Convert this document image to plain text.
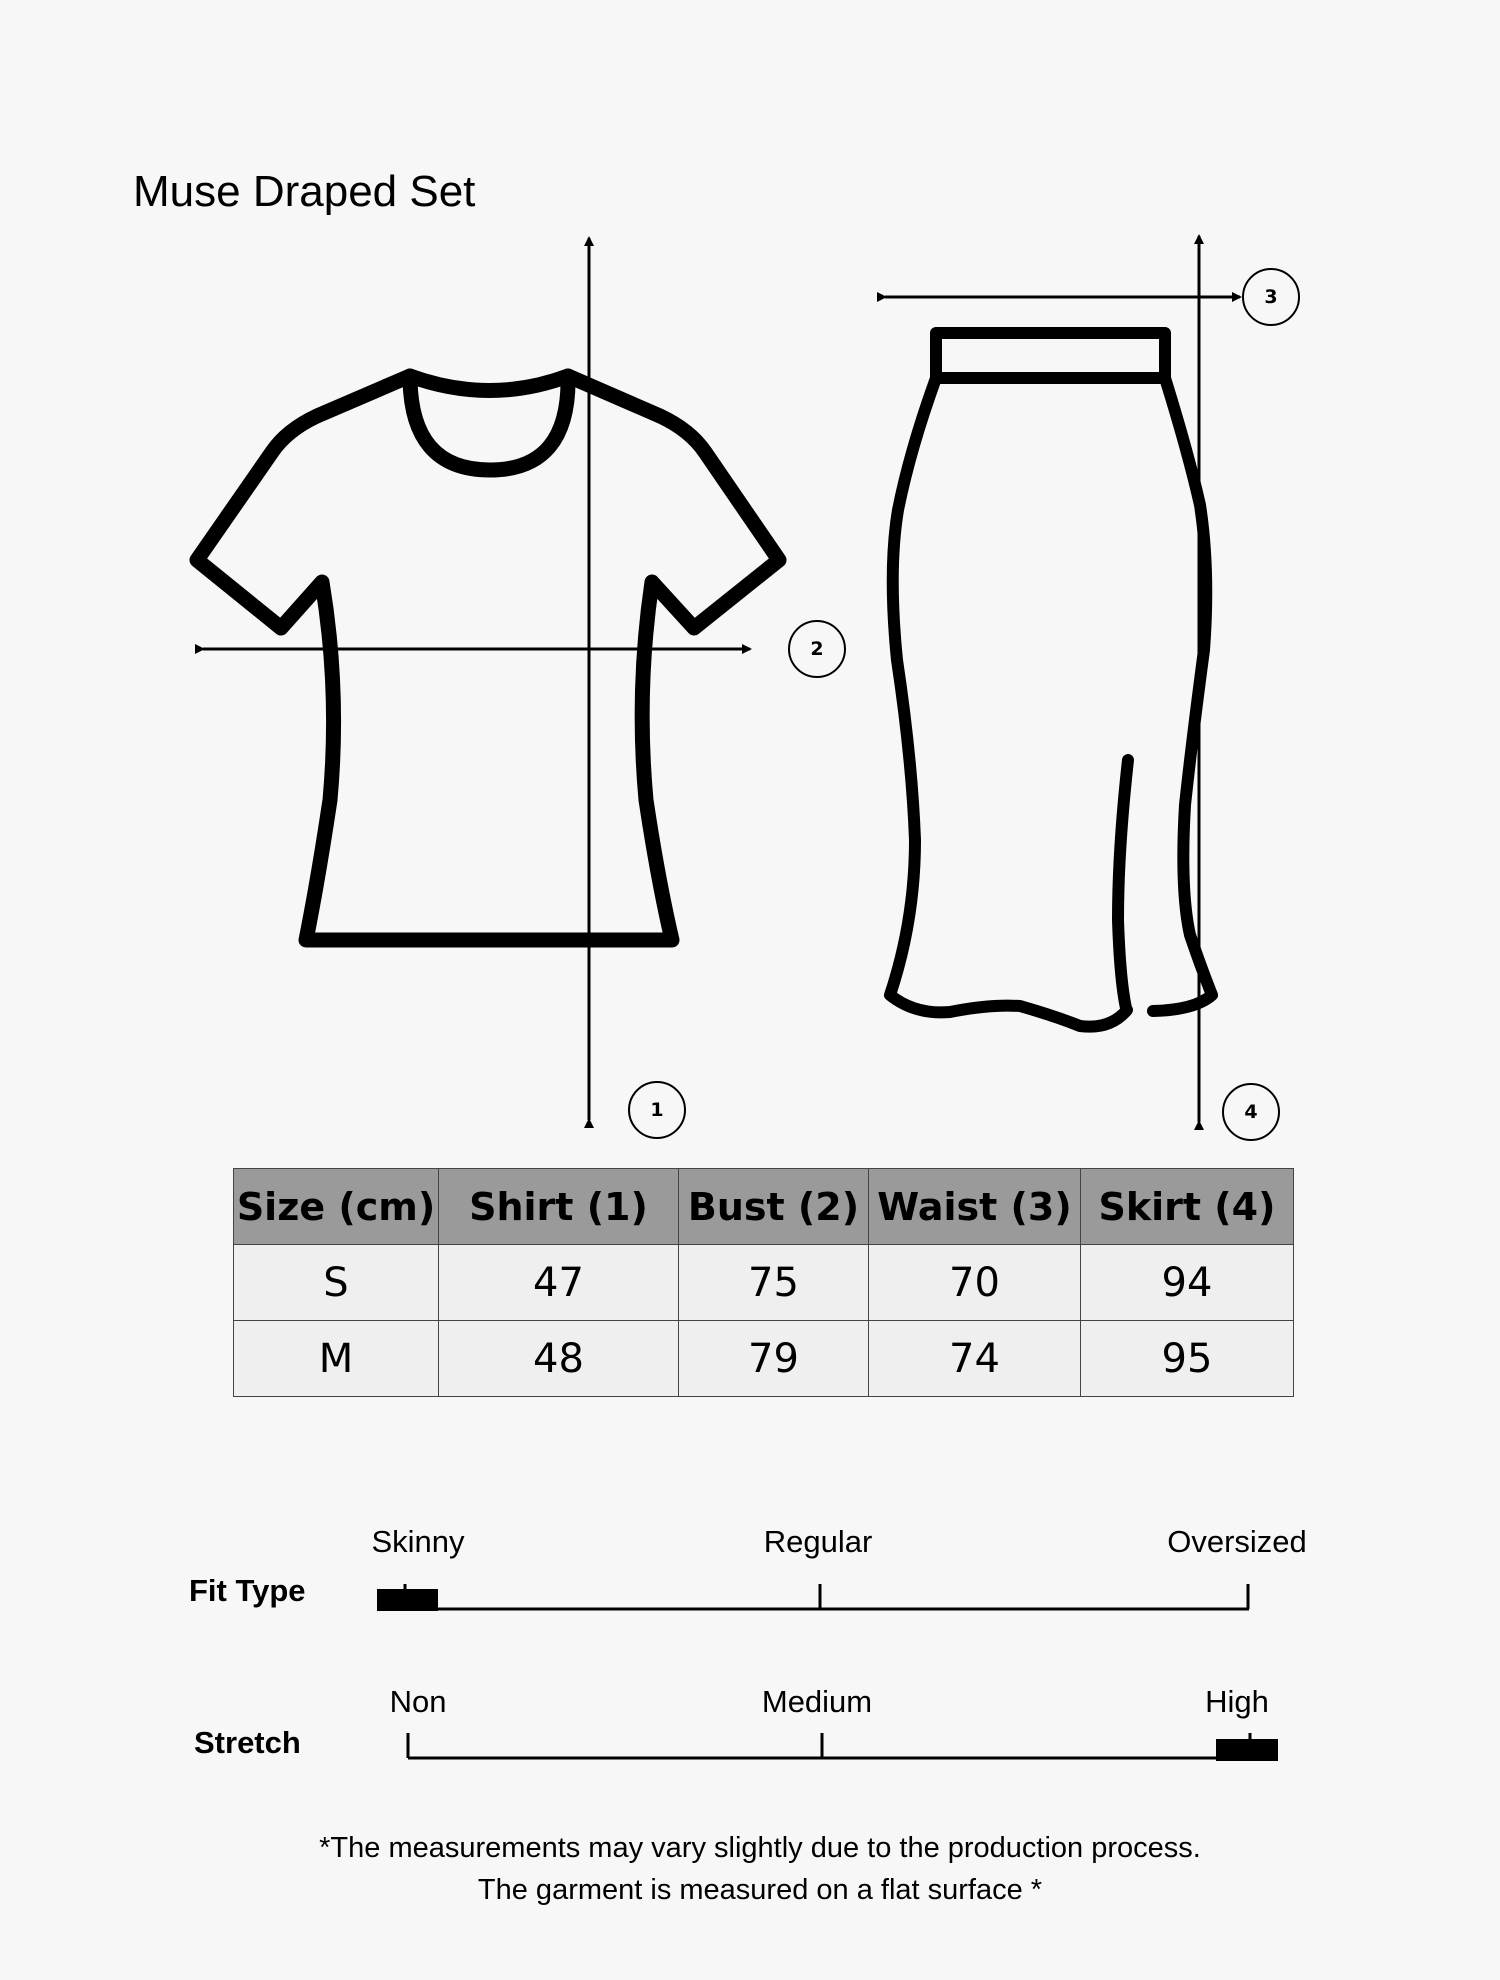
Muse Draped Set
1
2
3
4
Size (cm)	Shirt (1)	Bust (2)	Waist (3)	Skirt (4)
S	47	75	70	94
M	48	79	74	95
Skinny	Regular	Oversized
Fit Type
Non	Medium	High
Stretch
*The measurements may vary slightly due to the production process.
The garment is measured on a flat surface *
